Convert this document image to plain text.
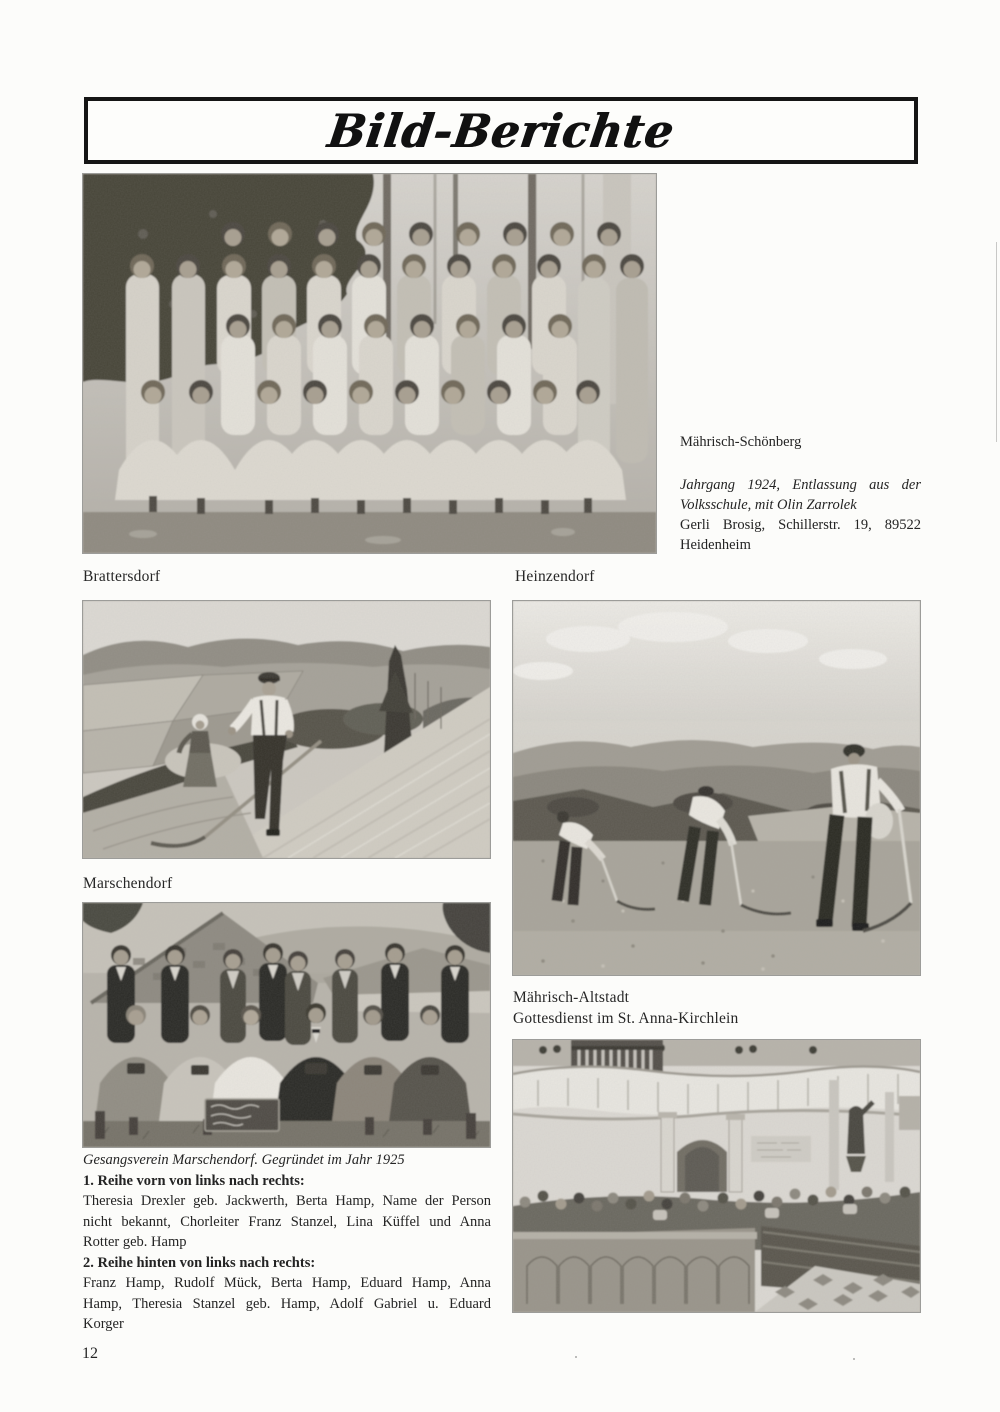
Bild-Berichte
Brattersdorf	Heinzendorf
Mährisch-Schönberg
Jahrgang 1924, Entlassung aus der
Volksschule, mit Olin Zarrolek
Gerli Brosig, Schillerstr. 19, 89522
Heidenheim
Marschendorf
Mährisch-Altstadt
Gottesdienst im St. Anna-Kirchlein
Gesangsverein Marschendorf. Gegründet im Jahr 1925
1. Reihe vorn von links nach rechts:
Theresia Drexler geb. Jackwerth, Berta Hamp, Name der Person
nicht bekannt, Chorleiter Franz Stanzel, Lina Küffel und Anna
Rotter geb. Hamp
2. Reihe hinten von links nach rechts:
Franz Hamp, Rudolf Mück, Berta Hamp, Eduard Hamp, Anna
Hamp, Theresia Stanzel geb. Hamp, Adolf Gabriel u. Eduard
Korger
12
